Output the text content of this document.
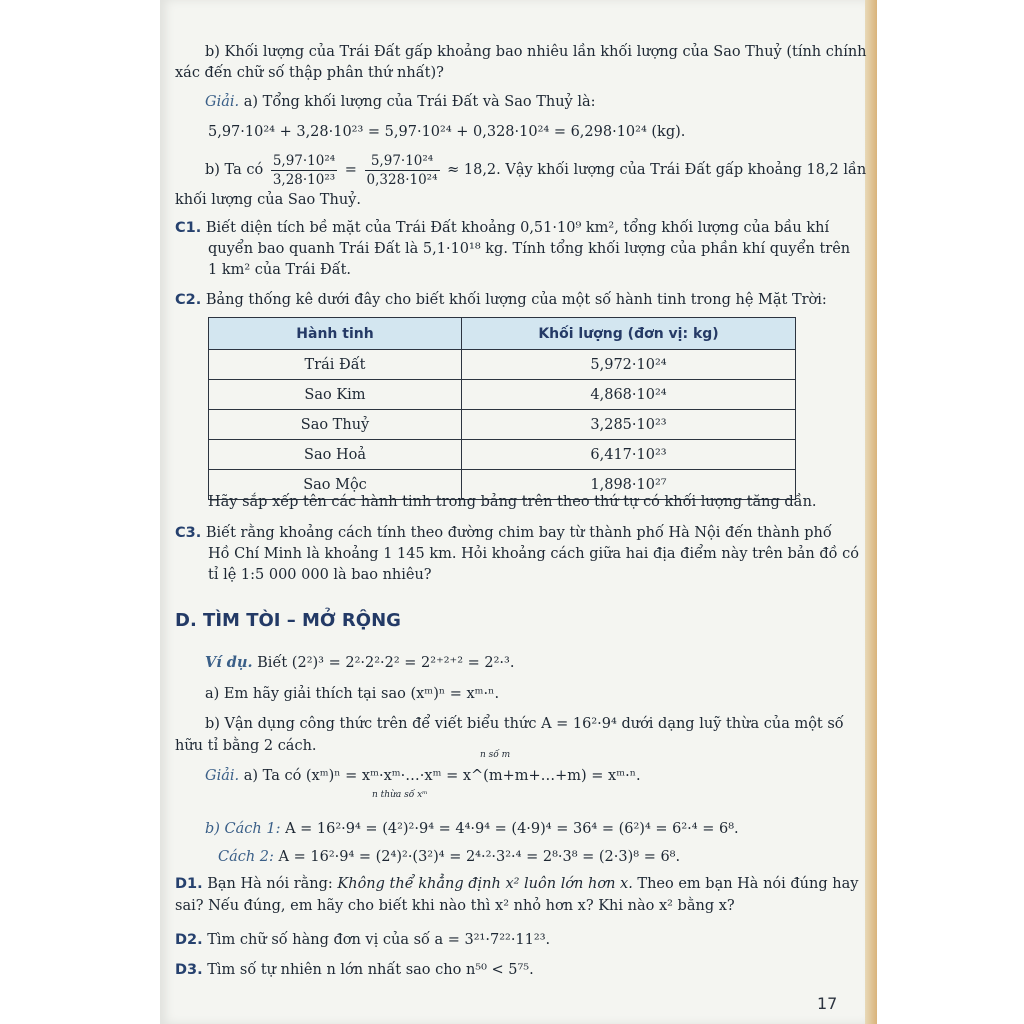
b) Khối lượng của Trái Đất gấp khoảng bao nhiêu lần khối lượng của Sao Thuỷ (tính chính
xác đến chữ số thập phân thứ nhất)?
Giải. a) Tổng khối lượng của Trái Đất và Sao Thuỷ là:
5,97·10²⁴ + 3,28·10²³ = 5,97·10²⁴ + 0,328·10²⁴ = 6,298·10²⁴ (kg).
b) Ta có $\frac{\text{5,97·10²⁴}}{\text{3,28·10²³}} = \frac{\text{5,97·10²⁴}}{\text{0,328·10²⁴}} \approx 18,2$. Vậy khối lượng của Trái Đất gấp khoảng 18,2 lần
khối lượng của Sao Thuỷ.
C1. Biết diện tích bề mặt của Trái Đất khoảng 0,51·10⁹ km², tổng khối lượng của bầu khí
quyển bao quanh Trái Đất là 5,1·10¹⁸ kg. Tính tổng khối lượng của phần khí quyển trên
1 km² của Trái Đất.
C2. Bảng thống kê dưới đây cho biết khối lượng của một số hành tinh trong hệ Mặt Trời:
Hành tinh	Khối lượng (đơn vị: kg)
Trái Đất	5,972·10²⁴
Sao Kim	4,868·10²⁴
Sao Thuỷ	3,285·10²³
Sao Hoả	6,417·10²³
Sao Mộc	1,898·10²⁷
Hãy sắp xếp tên các hành tinh trong bảng trên theo thứ tự có khối lượng tăng dần.
C3. Biết rằng khoảng cách tính theo đường chim bay từ thành phố Hà Nội đến thành phố
Hồ Chí Minh là khoảng 1 145 km. Hỏi khoảng cách giữa hai địa điểm này trên bản đồ có
tỉ lệ 1:5 000 000 là bao nhiêu?
D. TÌM TÒI – MỞ RỘNG
Ví dụ. Biết (2²)³ = 2²·2²·2² = 2²⁺²⁺² = 2²·³.
a) Em hãy giải thích tại sao (xᵐ)ⁿ = xᵐ·ⁿ.
b) Vận dụng công thức trên để viết biểu thức A = 16²·9⁴ dưới dạng luỹ thừa của một số
hữu tỉ bằng 2 cách.
Giải. a) Ta có (xᵐ)ⁿ = xᵐ·xᵐ·…·xᵐ = x^(m+m+…+m) = xᵐ·ⁿ.
n thừa số xᵐ
n số m
b) Cách 1: A = 16²·9⁴ = (4²)²·9⁴ = 4⁴·9⁴ = (4·9)⁴ = 36⁴ = (6²)⁴ = 6²·⁴ = 6⁸.
Cách 2: A = 16²·9⁴ = (2⁴)²·(3²)⁴ = 2⁴·²·3²·⁴ = 2⁸·3⁸ = (2·3)⁸ = 6⁸.
D1. Bạn Hà nói rằng: Không thể khẳng định x² luôn lớn hơn x. Theo em bạn Hà nói đúng hay
sai? Nếu đúng, em hãy cho biết khi nào thì x² nhỏ hơn x? Khi nào x² bằng x?
D2. Tìm chữ số hàng đơn vị của số a = 3²¹·7²²·11²³.
D3. Tìm số tự nhiên n lớn nhất sao cho n⁵⁰ < 5⁷⁵.
17
